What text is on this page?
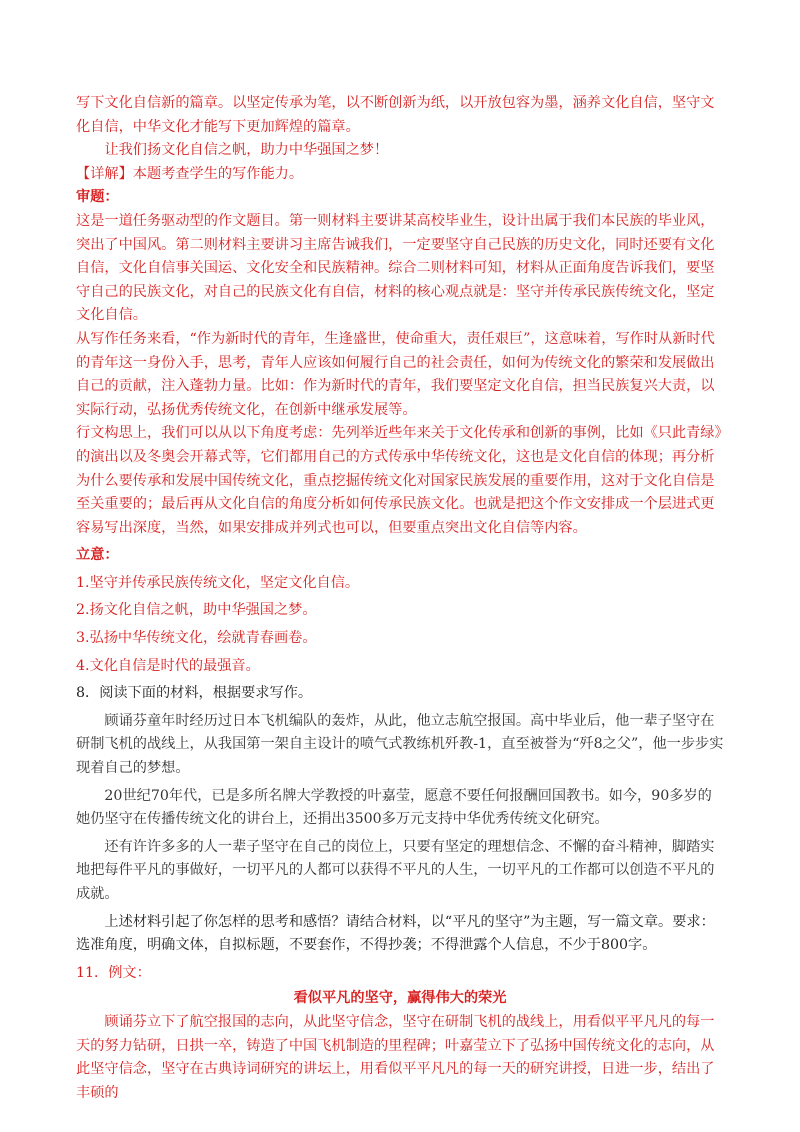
写下文化自信新的篇章。以坚定传承为笔，以不断创新为纸，以开放包容为墨，涵养文化自信，坚守文化自信，中华文化才能写下更加辉煌的篇章。

让我们扬文化自信之帆，助力中华强国之梦！

【详解】本题考查学生的写作能力。

审题：

这是一道任务驱动型的作文题目。第一则材料主要讲某高校毕业生，设计出属于我们本民族的毕业风，突出了中国风。第二则材料主要讲习主席告诫我们，一定要坚守自己民族的历史文化，同时还要有文化自信，文化自信事关国运、文化安全和民族精神。综合二则材料可知，材料从正面角度告诉我们，要坚守自己的民族文化，对自己的民族文化有自信，材料的核心观点就是：坚守并传承民族传统文化，坚定文化自信。

从写作任务来看，“作为新时代的青年，生逢盛世，使命重大，责任艰巨”，这意味着，写作时从新时代的青年这一身份入手，思考，青年人应该如何履行自己的社会责任，如何为传统文化的繁荣和发展做出自己的贡献，注入蓬勃力量。比如：作为新时代的青年，我们要坚定文化自信，担当民族复兴大责，以实际行动，弘扬优秀传统文化，在创新中继承发展等。

行文构思上，我们可以从以下角度考虑：先列举近些年来关于文化传承和创新的事例，比如《只此青绿》的演出以及冬奥会开幕式等，它们都用自己的方式传承中华传统文化，这也是文化自信的体现；再分析为什么要传承和发展中国传统文化，重点挖掘传统文化对国家民族发展的重要作用，这对于文化自信是至关重要的；最后再从文化自信的角度分析如何传承民族文化。也就是把这个作文安排成一个层进式更容易写出深度，当然，如果安排成并列式也可以，但要重点突出文化自信等内容。

立意：

1.坚守并传承民族传统文化，坚定文化自信。

2.扬文化自信之帆，助中华强国之梦。

3.弘扬中华传统文化，绘就青春画卷。

4.文化自信是时代的最强音。

8．阅读下面的材料，根据要求写作。

顾诵芬童年时经历过日本飞机编队的轰炸，从此，他立志航空报国。高中毕业后，他一辈子坚守在研制飞机的战线上，从我国第一架自主设计的喷气式教练机歼教-1，直至被誉为“歼8之父”，他一步步实现着自己的梦想。

20世纪70年代，已是多所名牌大学教授的叶嘉莹，愿意不要任何报酬回国教书。如今，90多岁的她仍坚守在传播传统文化的讲台上，还捐出3500多万元支持中华优秀传统文化研究。

还有许许多多的人一辈子坚守在自己的岗位上，只要有坚定的理想信念、不懈的奋斗精神，脚踏实地把每件平凡的事做好，一切平凡的人都可以获得不平凡的人生，一切平凡的工作都可以创造不平凡的成就。

上述材料引起了你怎样的思考和感悟？请结合材料，以“平凡的坚守”为主题，写一篇文章。要求：选准角度，明确文体，自拟标题，不要套作，不得抄袭；不得泄露个人信息，不少于800字。

11．例文：

看似平凡的坚守，赢得伟大的荣光

顾诵芬立下了航空报国的志向，从此坚守信念，坚守在研制飞机的战线上，用看似平平凡凡的每一天的努力钻研，日拱一卒，铸造了中国飞机制造的里程碑；叶嘉莹立下了弘扬中国传统文化的志向，从此坚守信念，坚守在古典诗词研究的讲坛上，用看似平平凡凡的每一天的研究讲授，日进一步，结出了丰硕的
